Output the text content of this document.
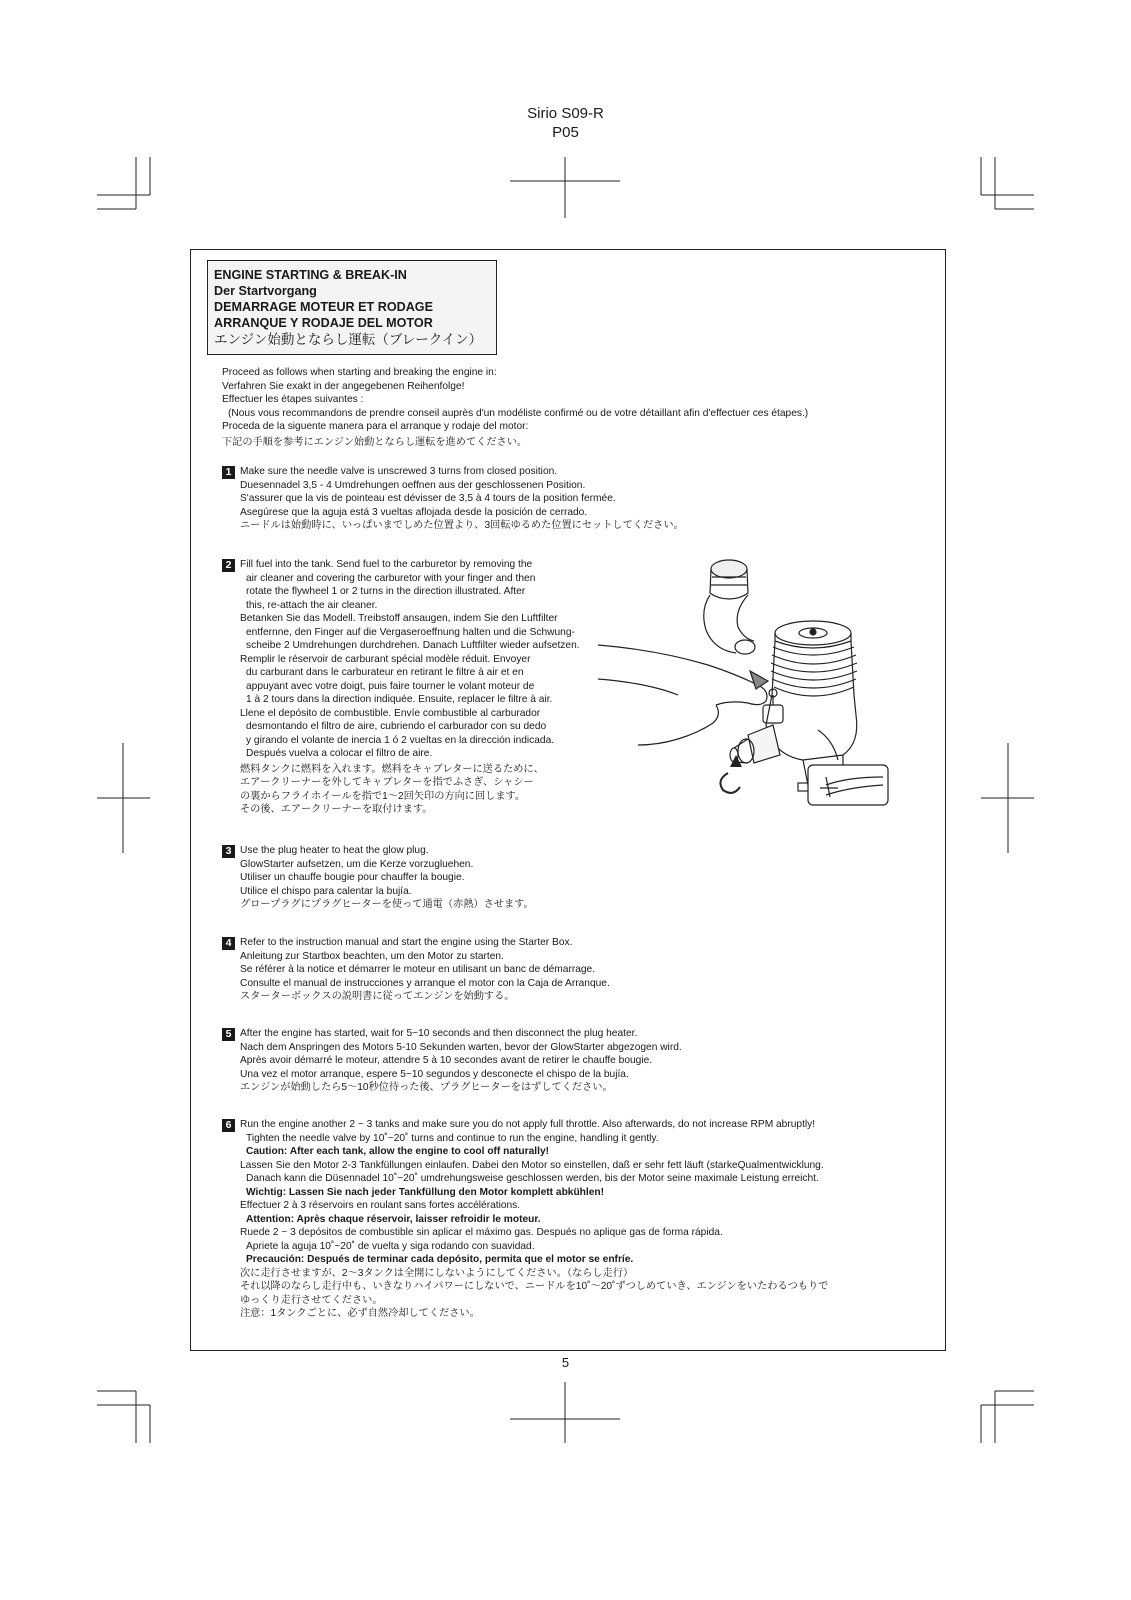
Sirio S09-R
P05
ENGINE STARTING & BREAK-IN
Der Startvorgang
DEMARRAGE MOTEUR ET RODAGE
ARRANQUE Y RODAJE DEL MOTOR
エンジン始動とならし運転（ブレークイン）
Proceed as follows when starting and breaking the engine in:
Verfahren Sie exakt in der angegebenen Reihenfolge!
Effectuer les étapes suivantes :
(Nous vous recommandons de prendre conseil auprès d'un modéliste confirmé ou de votre détaillant afin d'effectuer ces étapes.)
Proceda de la siguente manera para el arranque y rodaje del motor:
下記の手順を参考にエンジン始動とならし運転を進めてください。
1 Make sure the needle valve is unscrewed 3 turns from closed position.
Duesennadel 3,5 - 4 Umdrehungen oeffnen aus der geschlossenen Position.
S'assurer que la vis de pointeau est dévisser de 3,5 à 4 tours de la position fermée.
Asegúrese que la aguja está 3 vueltas aflojada desde la posición de cerrado.
ニードルは始動時に、いっぱいまでしめた位置より、3回転ゆるめた位置にセットしてください。
2 Fill fuel into the tank. Send fuel to the carburetor by removing the
air cleaner and covering the carburetor with your finger and then
rotate the flywheel 1 or 2 turns in the direction illustrated. After
this, re-attach the air cleaner.
Betanken Sie das Modell. Treibstoff ansaugen, indem Sie den Luftfilter
entfernne, den Finger auf die Vergaseroeffnung halten und die Schwung-
scheibe 2 Umdrehungen durchdrehen. Danach Luftfilter wieder aufsetzen.
Remplir le réservoir de carburant spécial modèle réduit. Envoyer
du carburant dans le carburateur en retirant le filtre à air et en
appuyant avec votre doigt, puis faire tourner le volant moteur de
1 à 2 tours dans la direction indiquée. Ensuite, replacer le filtre à air.
Llene el depósito de combustible. Envíe combustible al carburador
desmontando el filtro de aire, cubriendo el carburador con su dedo
y girando el volante de inercia 1 ó 2 vueltas en la dirección indicada.
Después vuelva a colocar el filtro de aire.
燃料タンクに燃料を入れます。燃料をキャブレターに送るために、
エアークリーナーを外してキャブレターを指でふさぎ、シャシー
の裏からフライホイールを指で1〜2回矢印の方向に回します。
その後、エアークリーナーを取付けます。
3 Use the plug heater to heat the glow plug.
GlowStarter aufsetzen, um die Kerze vorzugluehen.
Utiliser un chauffe bougie pour chauffer la bougie.
Utilice el chispo para calentar la bujía.
グロープラグにプラグヒーターを使って通電（赤熱）させます。
4 Refer to the instruction manual and start the engine using the Starter Box.
Anleitung zur Startbox beachten, um den Motor zu starten.
Se référer à la notice et démarrer le moteur en utilisant un banc de démarrage.
Consulte el manual de instrucciones y arranque el motor con la Caja de Arranque.
スターターボックスの説明書に従ってエンジンを始動する。
5 After the engine has started, wait for 5~10 seconds and then disconnect the plug heater.
Nach dem Anspringen des Motors 5-10 Sekunden warten, bevor der GlowStarter abgezogen wird.
Après avoir démarré le moteur, attendre 5 à 10 secondes avant de retirer le chauffe bougie.
Una vez el motor arranque, espere 5~10 segundos y desconecte el chispo de la bujía.
エンジンが始動したら5〜10秒位待った後、プラグヒーターをはずしてください。
6 Run the engine another 2 ~ 3 tanks and make sure you do not apply full throttle. Also afterwards, do not increase RPM abruptly!
Tighten the needle valve by 10˚~20˚ turns and continue to run the engine, handling it gently.
Caution: After each tank, allow the engine to cool off naturally!
Lassen Sie den Motor 2-3 Tankfüllungen einlaufen. Dabei den Motor so einstellen, daß er sehr fett läuft (starkeQualmentwicklung.
Danach kann die Düsennadel 10˚~20˚ umdrehungsweise geschlossen werden, bis der Motor seine maximale Leistung erreicht.
Wichtig: Lassen Sie nach jeder Tankfüllung den Motor komplett abkühlen!
Effectuer 2 à 3 réservoirs en roulant sans fortes accélérations.
Attention: Après chaque réservoir, laisser refroidir le moteur.
Ruede 2 ~ 3 depósitos de combustible sin aplicar el máximo gas. Después no aplique gas de forma rápida.
Apriete la aguja 10˚~20˚ de vuelta y siga rodando con suavidad.
Precaución: Después de terminar cada depósito, permita que el motor se enfríe.
次に走行させますが、2〜3タンクは全開にしないようにしてください。（ならし走行）
それ以降のならし走行中も、いきなりハイパワーにしないで、ニードルを10˚〜20˚ずつしめていき、エンジンをいたわるつもりで
ゆっくり走行させてください。
注意：1タンクごとに、必ず自然冷却してください。
5
